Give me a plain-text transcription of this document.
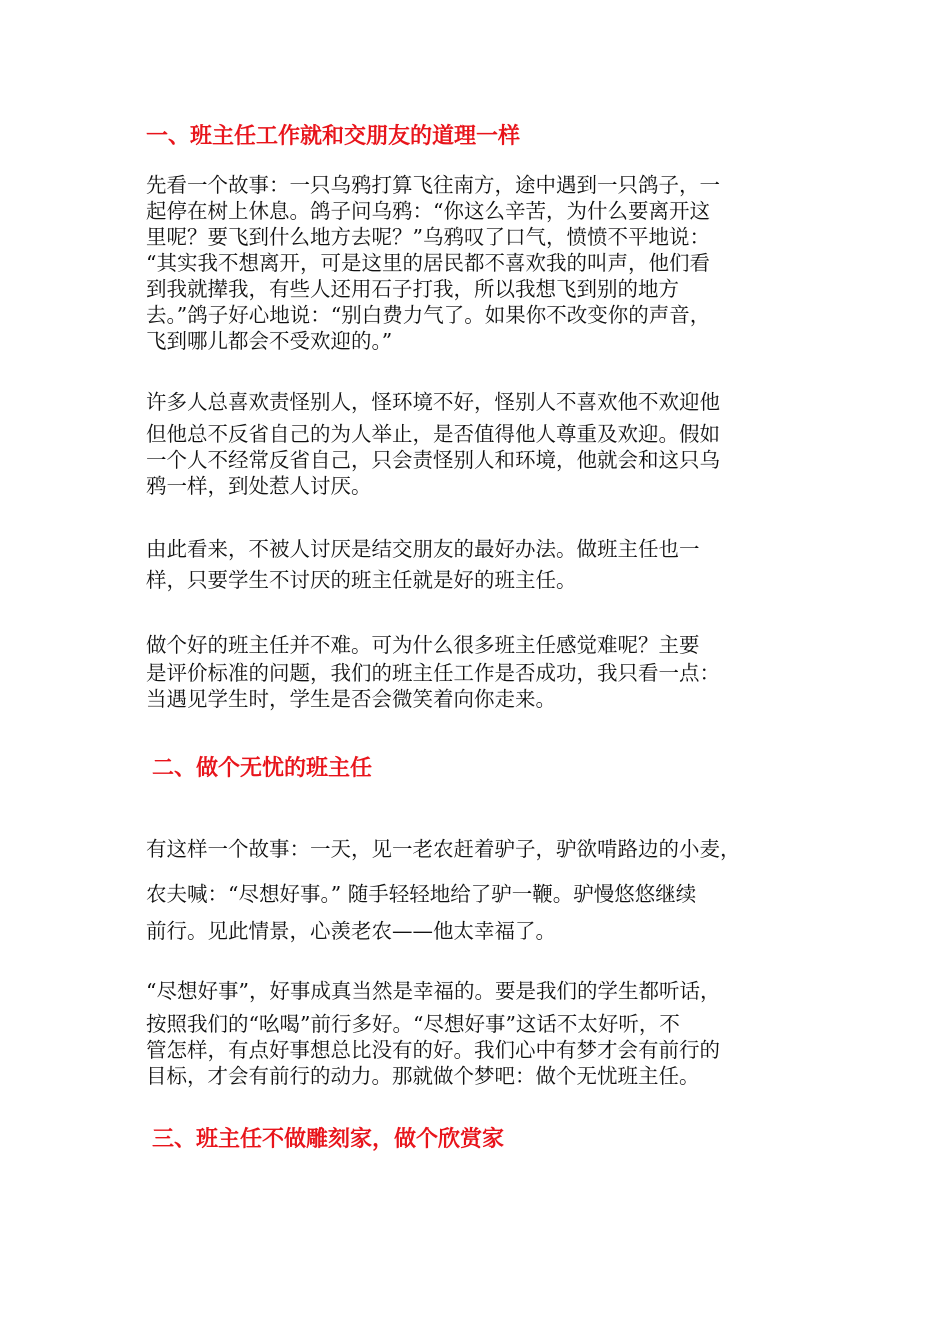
一、班主任工作就和交朋友的道理一样
先看一个故事：一只乌鸦打算飞往南方，途中遇到一只鸽子，一
起停在树上休息。鸽子问乌鸦：“你这么辛苦，为什么要离开这
里呢？要飞到什么地方去呢？”乌鸦叹了口气，愤愤不平地说：
“其实我不想离开，可是这里的居民都不喜欢我的叫声，他们看
到我就撵我，有些人还用石子打我，所以我想飞到别的地方
去。”鸽子好心地说：“别白费力气了。如果你不改变你的声音，
飞到哪儿都会不受欢迎的。”
许多人总喜欢责怪别人，怪环境不好，怪别人不喜欢他不欢迎他
但他总不反省自己的为人举止，是否值得他人尊重及欢迎。假如
一个人不经常反省自己，只会责怪别人和环境，他就会和这只乌
鸦一样，到处惹人讨厌。
由此看来，不被人讨厌是结交朋友的最好办法。做班主任也一
样，只要学生不讨厌的班主任就是好的班主任。
做个好的班主任并不难。可为什么很多班主任感觉难呢？主要
是评价标准的问题，我们的班主任工作是否成功，我只看一点：
当遇见学生时，学生是否会微笑着向你走来。
二、做个无忧的班主任
有这样一个故事：一天，见一老农赶着驴子，驴欲啃路边的小麦，
农夫喊：“尽想好事。” 随手轻轻地给了驴一鞭。驴慢悠悠继续
前行。见此情景，心羡老农——他太幸福了。
“尽想好事”，好事成真当然是幸福的。要是我们的学生都听话，
按照我们的“吆喝”前行多好。“尽想好事”这话不太好听，不
管怎样，有点好事想总比没有的好。我们心中有梦才会有前行的
目标，才会有前行的动力。那就做个梦吧：做个无忧班主任。
三、班主任不做雕刻家，做个欣赏家
